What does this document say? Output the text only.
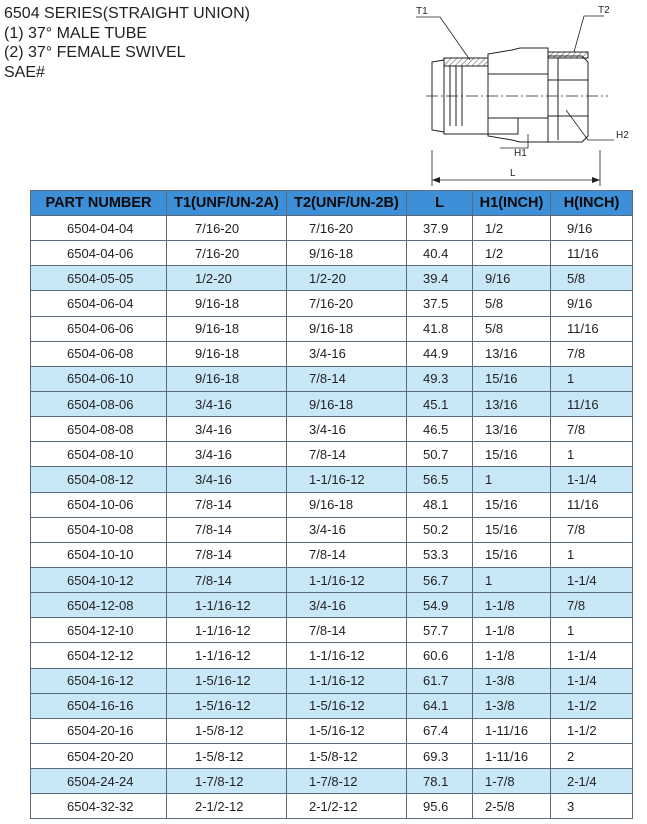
6504 SERIES(STRAIGHT UNION)
(1) 37° MALE TUBE
(2) 37° FEMALE SWIVEL
SAE#
T1	T2
H2
H1
L
PART NUMBER	T1(UNF/UN-2A)	T2(UNF/UN-2B)	L	H1(INCH)	H(INCH)
6504-04-04	7/16-20	7/16-20	37.9	1/2	9/16
6504-04-06	7/16-20	9/16-18	40.4	1/2	11/16
6504-05-05	1/2-20	1/2-20	39.4	9/16	5/8
6504-06-04	9/16-18	7/16-20	37.5	5/8	9/16
6504-06-06	9/16-18	9/16-18	41.8	5/8	11/16
6504-06-08	9/16-18	3/4-16	44.9	13/16	7/8
6504-06-10	9/16-18	7/8-14	49.3	15/16	1
6504-08-06	3/4-16	9/16-18	45.1	13/16	11/16
6504-08-08	3/4-16	3/4-16	46.5	13/16	7/8
6504-08-10	3/4-16	7/8-14	50.7	15/16	1
6504-08-12	3/4-16	1-1/16-12	56.5	1	1-1/4
6504-10-06	7/8-14	9/16-18	48.1	15/16	11/16
6504-10-08	7/8-14	3/4-16	50.2	15/16	7/8
6504-10-10	7/8-14	7/8-14	53.3	15/16	1
6504-10-12	7/8-14	1-1/16-12	56.7	1	1-1/4
6504-12-08	1-1/16-12	3/4-16	54.9	1-1/8	7/8
6504-12-10	1-1/16-12	7/8-14	57.7	1-1/8	1
6504-12-12	1-1/16-12	1-1/16-12	60.6	1-1/8	1-1/4
6504-16-12	1-5/16-12	1-1/16-12	61.7	1-3/8	1-1/4
6504-16-16	1-5/16-12	1-5/16-12	64.1	1-3/8	1-1/2
6504-20-16	1-5/8-12	1-5/16-12	67.4	1-11/16	1-1/2
6504-20-20	1-5/8-12	1-5/8-12	69.3	1-11/16	2
6504-24-24	1-7/8-12	1-7/8-12	78.1	1-7/8	2-1/4
6504-32-32	2-1/2-12	2-1/2-12	95.6	2-5/8	3
